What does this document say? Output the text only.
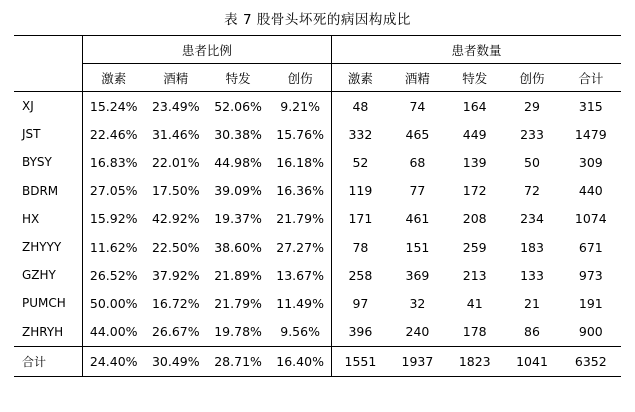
表 7 股骨头坏死的病因构成比

	患者比例				患者数量				
	激素	酒精	特发	创伤	激素	酒精	特发	创伤	合计
XJ	15.24%	23.49%	52.06%	9.21%	48	74	164	29	315
JST	22.46%	31.46%	30.38%	15.76%	332	465	449	233	1479
BYSY	16.83%	22.01%	44.98%	16.18%	52	68	139	50	309
BDRM	27.05%	17.50%	39.09%	16.36%	119	77	172	72	440
HX	15.92%	42.92%	19.37%	21.79%	171	461	208	234	1074
ZHYYY	11.62%	22.50%	38.60%	27.27%	78	151	259	183	671
GZHY	26.52%	37.92%	21.89%	13.67%	258	369	213	133	973
PUMCH	50.00%	16.72%	21.79%	11.49%	97	32	41	21	191
ZHRYH	44.00%	26.67%	19.78%	9.56%	396	240	178	86	900
合计	24.40%	30.49%	28.71%	16.40%	1551	1937	1823	1041	6352
